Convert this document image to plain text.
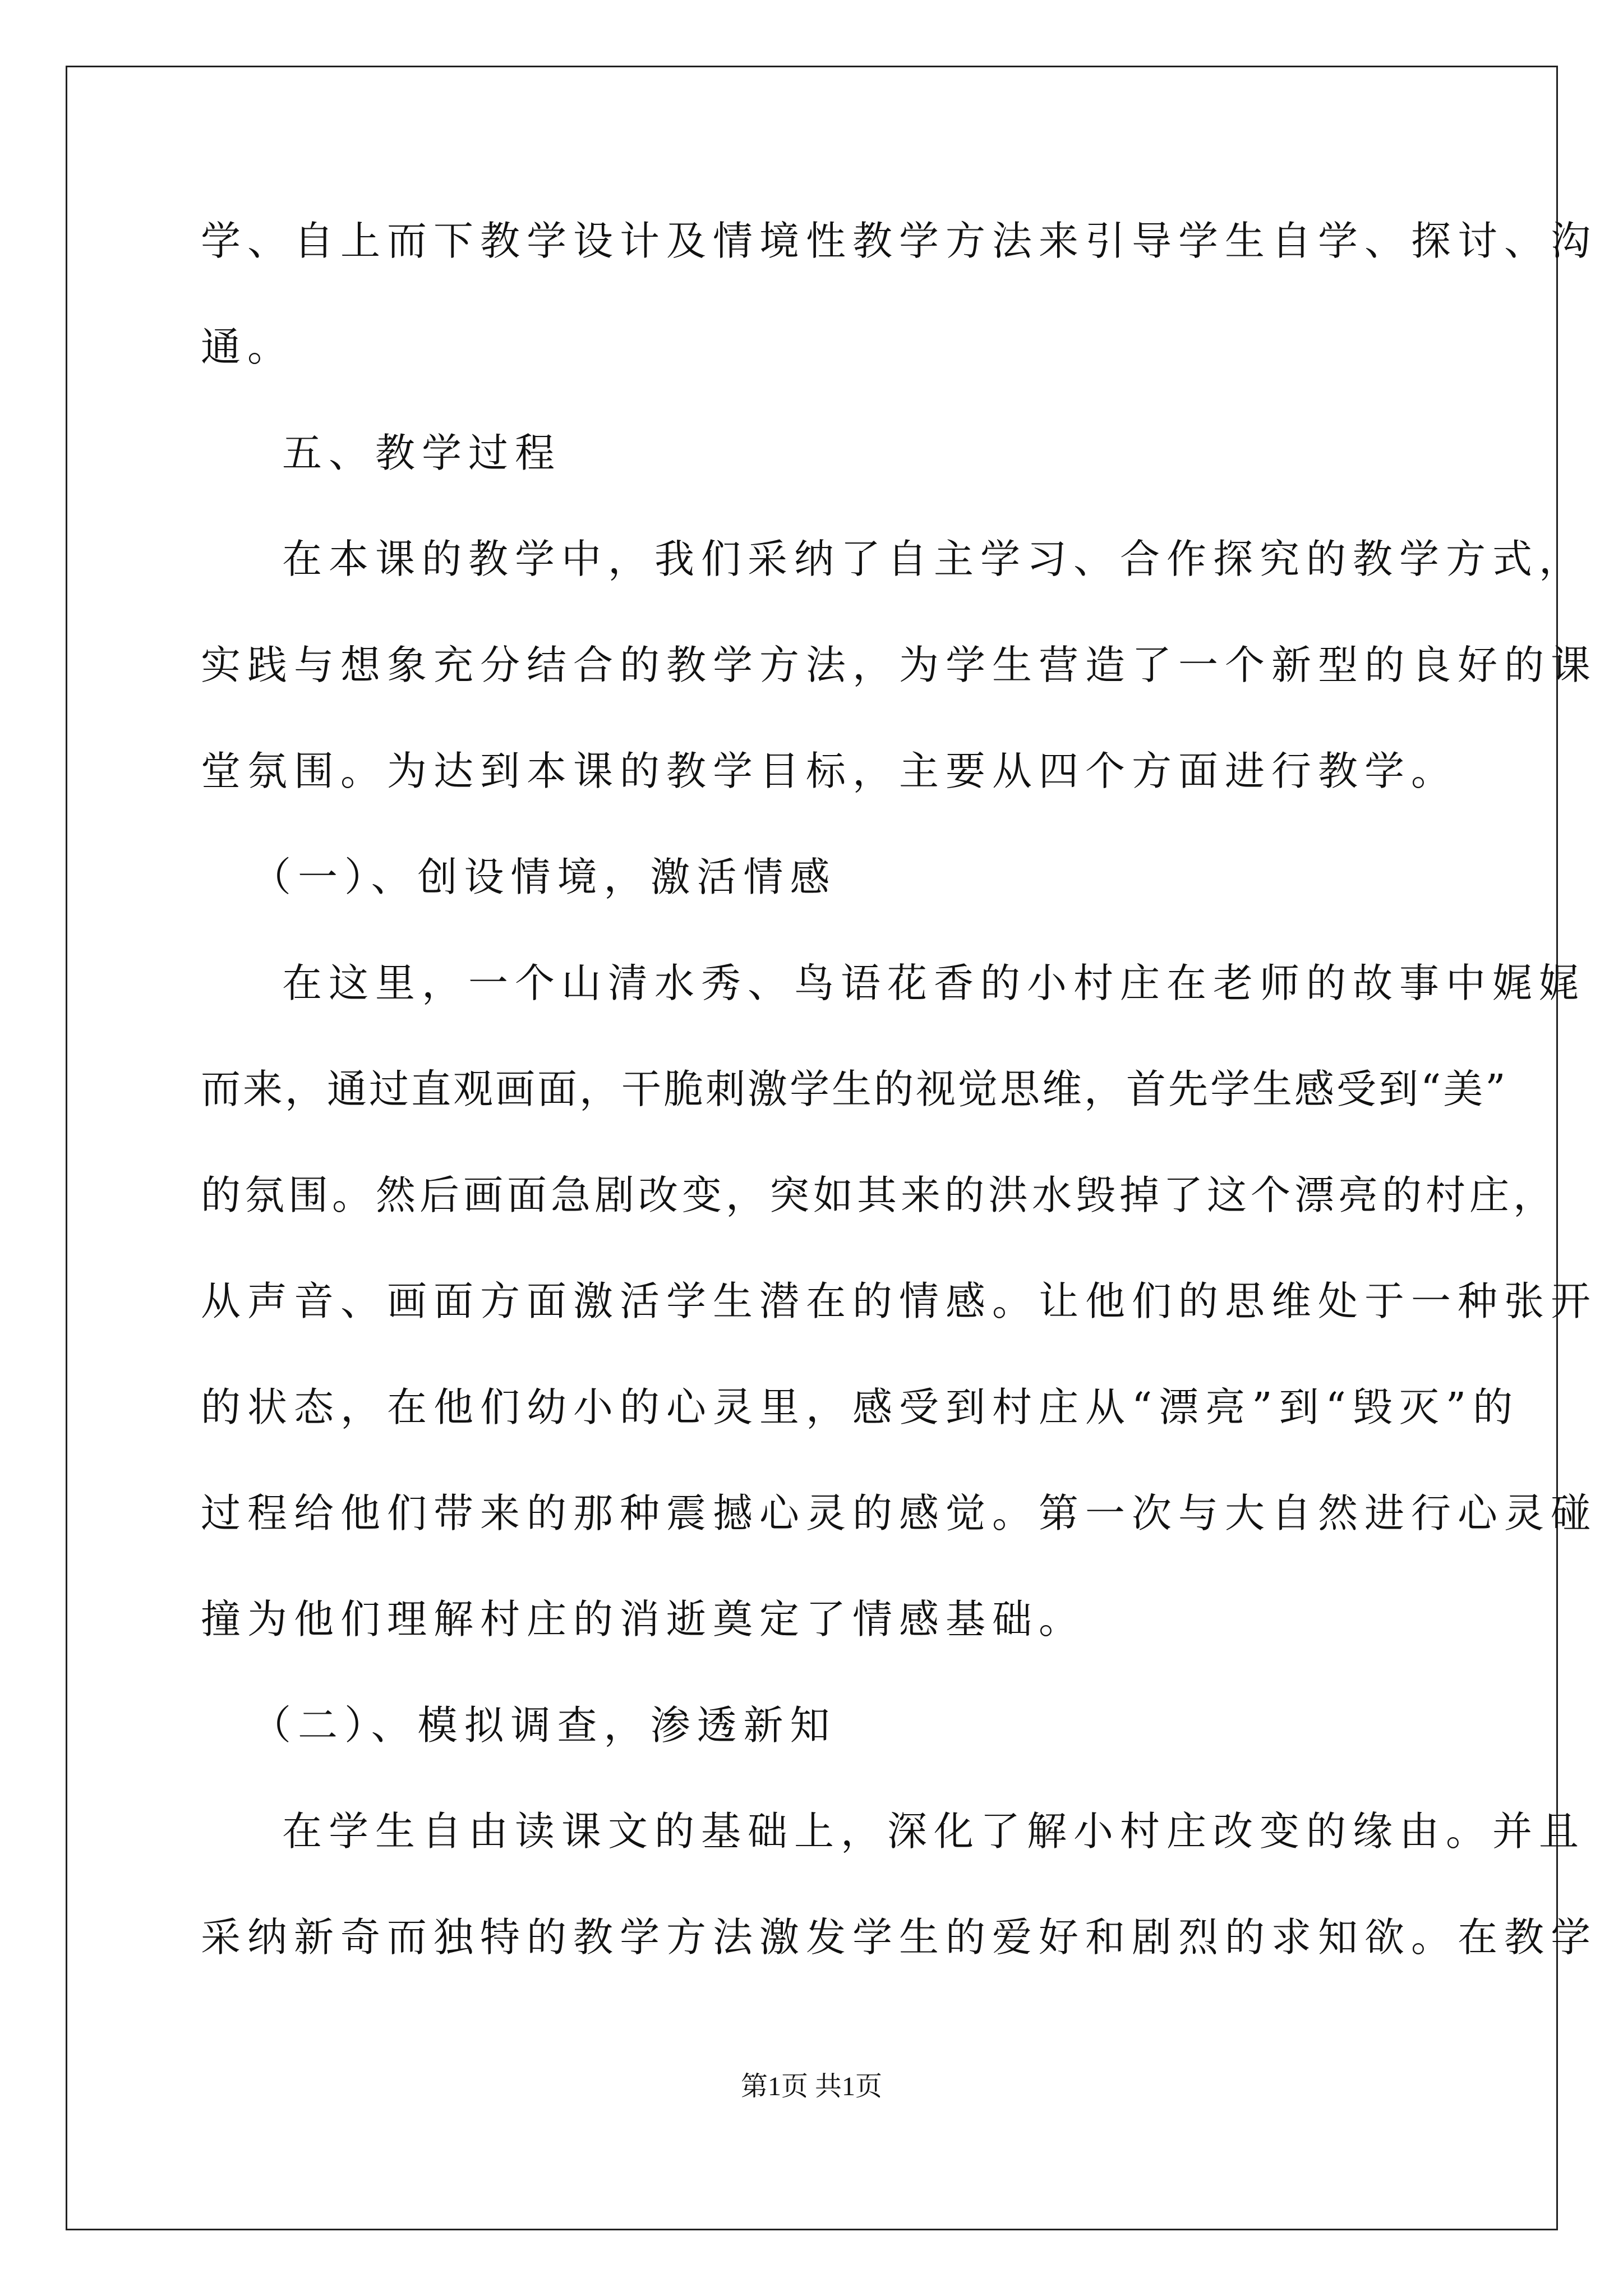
学、自上而下教学设计及情境性教学方法来引导学生自学、探讨、沟
通。
五、教学过程
在本课的教学中，我们采纳了自主学习、合作探究的教学方式，
实践与想象充分结合的教学方法，为学生营造了一个新型的良好的课
堂氛围。为达到本课的教学目标，主要从四个方面进行教学。
（一）、创设情境，激活情感
在这里，一个山清水秀、鸟语花香的小村庄在老师的故事中娓娓
而来，通过直观画面，干脆刺激学生的视觉思维，首先学生感受到“美”
的氛围。然后画面急剧改变，突如其来的洪水毁掉了这个漂亮的村庄，
从声音、画面方面激活学生潜在的情感。让他们的思维处于一种张开
的状态，在他们幼小的心灵里，感受到村庄从“漂亮”到“毁灭”的
过程给他们带来的那种震撼心灵的感觉。第一次与大自然进行心灵碰
撞为他们理解村庄的消逝奠定了情感基础。
（二）、模拟调查，渗透新知
在学生自由读课文的基础上，深化了解小村庄改变的缘由。并且
采纳新奇而独特的教学方法激发学生的爱好和剧烈的求知欲。在教学
第1页 共1页
